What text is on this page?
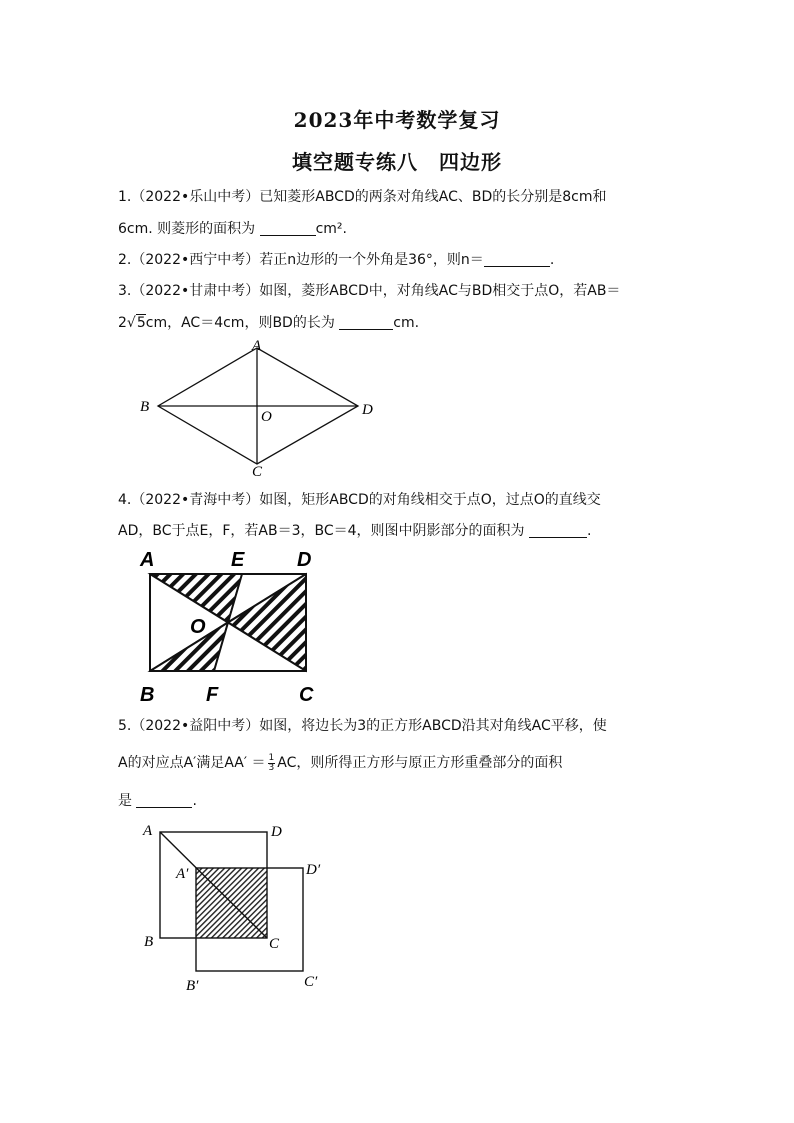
2023年中考数学复习
填空题专练八　四边形
1.（2022•乐山中考）已知菱形ABCD的两条对角线AC、BD的长分别是8cm和
6cm. 则菱形的面积为	cm².
2.（2022•西宁中考）若正n边形的一个外角是36°，则n＝	.
3.（2022•甘肃中考）如图，菱形ABCD中，对角线AC与BD相交于点O，若AB＝
2√5cm，AC＝4cm，则BD的长为	cm.
A
B
C
D
O
4.（2022•青海中考）如图，矩形ABCD的对角线相交于点O，过点O的直线交
AD，BC于点E，F，若AB＝3，BC＝4，则图中阴影部分的面积为	.
A	E	D
O
B	F	C
5.（2022•益阳中考）如图，将边长为3的正方形ABCD沿其对角线AC平移，使
A的对应点A′满足$AA' = \frac{1}{3}$ AC，则所得正方形与原正方形重叠部分的面积
是	.
A	D
A′	D′
B	C
B′	C′
